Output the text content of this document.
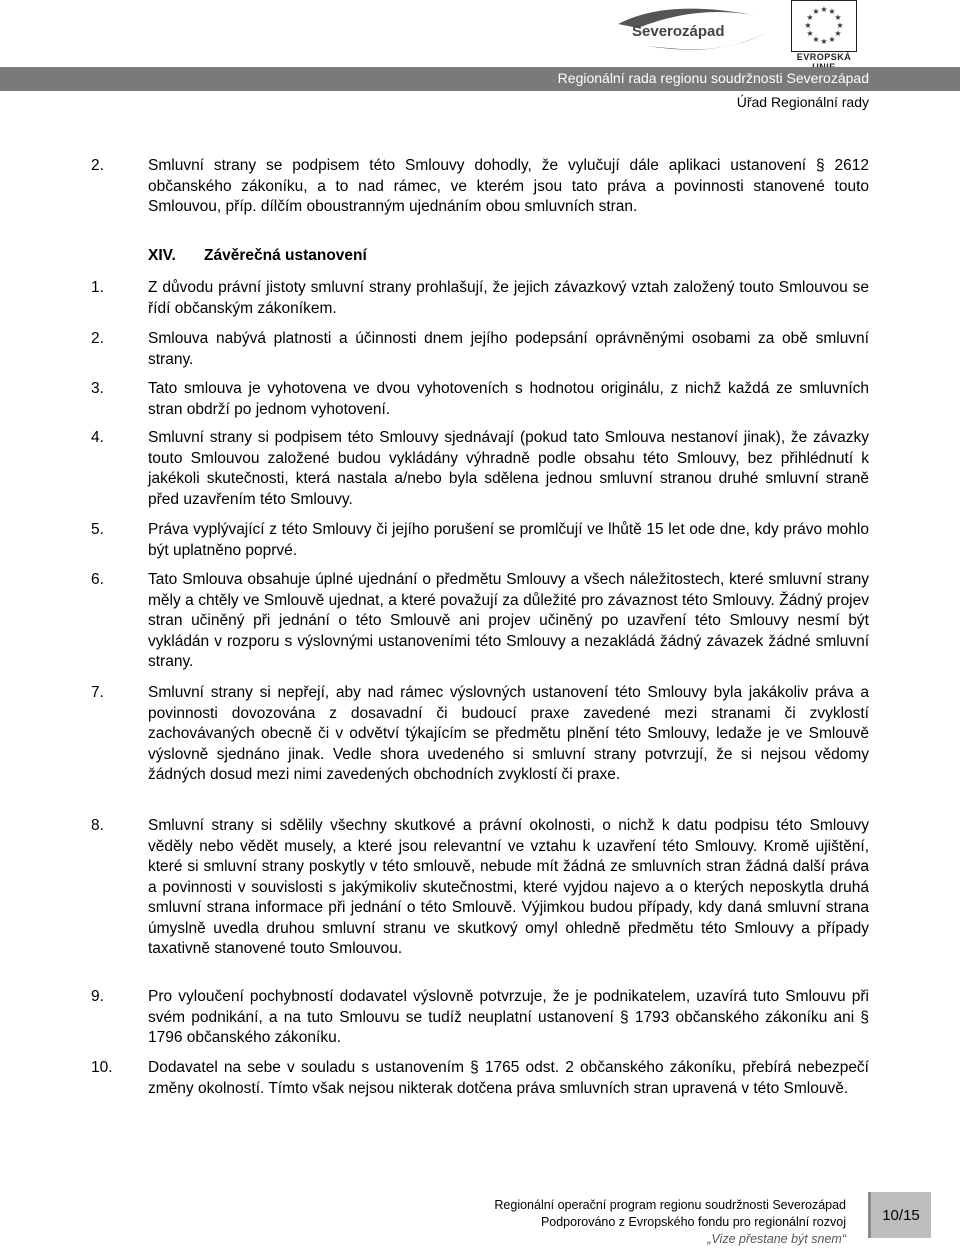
Severozápad
★ ★
★
★
★
★
★
★
★
★
★
★
EVROPSKÁ
Regionální rada regionu soudržnosti Severozápad
Úřad Regionální rady
2.	Smluvní strany se podpisem této Smlouvy dohodly, že vylučují dále aplikaci ustanovení § 2612 občanského zákoníku, a to nad rámec, ve kterém jsou tato práva a povinnosti stanovené touto Smlouvou, příp. dílčím oboustranným ujednáním obou smluvních stran.
XIV. Závěrečná ustanovení
1.	Z důvodu právní jistoty smluvní strany prohlašují, že jejich závazkový vztah založený touto Smlouvou se řídí občanským zákoníkem.
2.	Smlouva nabývá platnosti a účinnosti dnem jejího podepsání oprávněnými osobami za obě smluvní strany.
3.	Tato smlouva je vyhotovena ve dvou vyhotoveních s hodnotou originálu, z nichž každá ze smluvních stran obdrží po jednom vyhotovení.
4.	Smluvní strany si podpisem této Smlouvy sjednávají (pokud tato Smlouva nestanoví jinak), že závazky touto Smlouvou založené budou vykládány výhradně podle obsahu této Smlouvy, bez přihlédnutí k jakékoli skutečnosti, která nastala a/nebo byla sdělena jednou smluvní stranou druhé smluvní straně před uzavřením této Smlouvy.
5.	Práva vyplývající z této Smlouvy či jejího porušení se promlčují ve lhůtě 15 let ode dne, kdy právo mohlo být uplatněno poprvé.
6.	Tato Smlouva obsahuje úplné ujednání o předmětu Smlouvy a všech náležitostech, které smluvní strany měly a chtěly ve Smlouvě ujednat, a které považují za důležité pro závaznost této Smlouvy. Žádný projev stran učiněný při jednání o této Smlouvě ani projev učiněný po uzavření této Smlouvy nesmí být vykládán v rozporu s výslovnými ustanoveními této Smlouvy a nezakládá žádný závazek žádné smluvní strany.
7.	Smluvní strany si nepřejí, aby nad rámec výslovných ustanovení této Smlouvy byla jakákoliv práva a povinnosti dovozována z dosavadní či budoucí praxe zavedené mezi stranami či zvyklostí zachovávaných obecně či v odvětví týkajícím se předmětu plnění této Smlouvy, ledaže je ve Smlouvě výslovně sjednáno jinak. Vedle shora uvedeného si smluvní strany potvrzují, že si nejsou vědomy žádných dosud mezi nimi zavedených obchodních zvyklostí či praxe.
8.	Smluvní strany si sdělily všechny skutkové a právní okolnosti, o nichž k datu podpisu této Smlouvy věděly nebo vědět musely, a které jsou relevantní ve vztahu k uzavření této Smlouvy. Kromě ujištění, které si smluvní strany poskytly v této smlouvě, nebude mít žádná ze smluvních stran žádná další práva a povinnosti v souvislosti s jakýmikoliv skutečnostmi, které vyjdou najevo a o kterých neposkytla druhá smluvní strana informace při jednání o této Smlouvě. Výjimkou budou případy, kdy daná smluvní strana úmyslně uvedla druhou smluvní stranu ve skutkový omyl ohledně předmětu této Smlouvy a případy taxativně stanovené touto Smlouvou.
9.	Pro vyloučení pochybností dodavatel výslovně potvrzuje, že je podnikatelem, uzavírá tuto Smlouvu při svém podnikání, a na tuto Smlouvu se tudíž neuplatní ustanovení § 1793 občanského zákoníku ani § 1796 občanského zákoníku.
10. Dodavatel na sebe v souladu s ustanovením § 1765 odst. 2 občanského zákoníku, přebírá nebezpečí změny okolností. Tímto však nejsou nikterak dotčena práva smluvních stran upravená v této Smlouvě.
Regionální operační program regionu soudržnosti Severozápad
Podporováno z Evropského fondu pro regionální rozvoj
„Vize přestane být snem“
10/15
